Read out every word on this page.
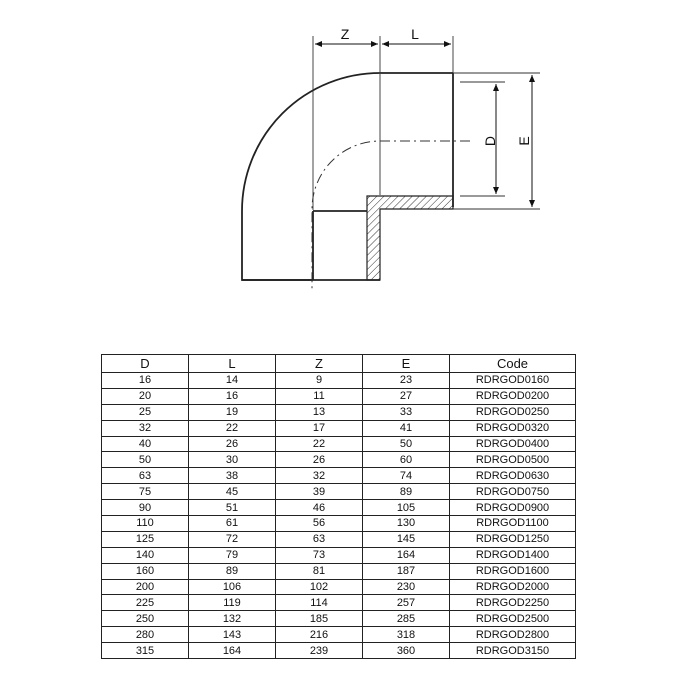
Z	L
D E
D	L	Z	E	Code
16	14	9	23	RDRGOD0160
20	16	11	27	RDRGOD0200
25	19	13	33	RDRGOD0250
32	22	17	41	RDRGOD0320
40	26	22	50	RDRGOD0400
50	30	26	60	RDRGOD0500
63	38	32	74	RDRGOD0630
75	45	39	89	RDRGOD0750
90	51	46	105	RDRGOD0900
110	61	56	130	RDRGOD1100
125	72	63	145	RDRGOD1250
140	79	73	164	RDRGOD1400
160	89	81	187	RDRGOD1600
200	106	102	230	RDRGOD2000
225	119	114	257	RDRGOD2250
250	132	185	285	RDRGOD2500
280	143	216	318	RDRGOD2800
315	164	239	360	RDRGOD3150
